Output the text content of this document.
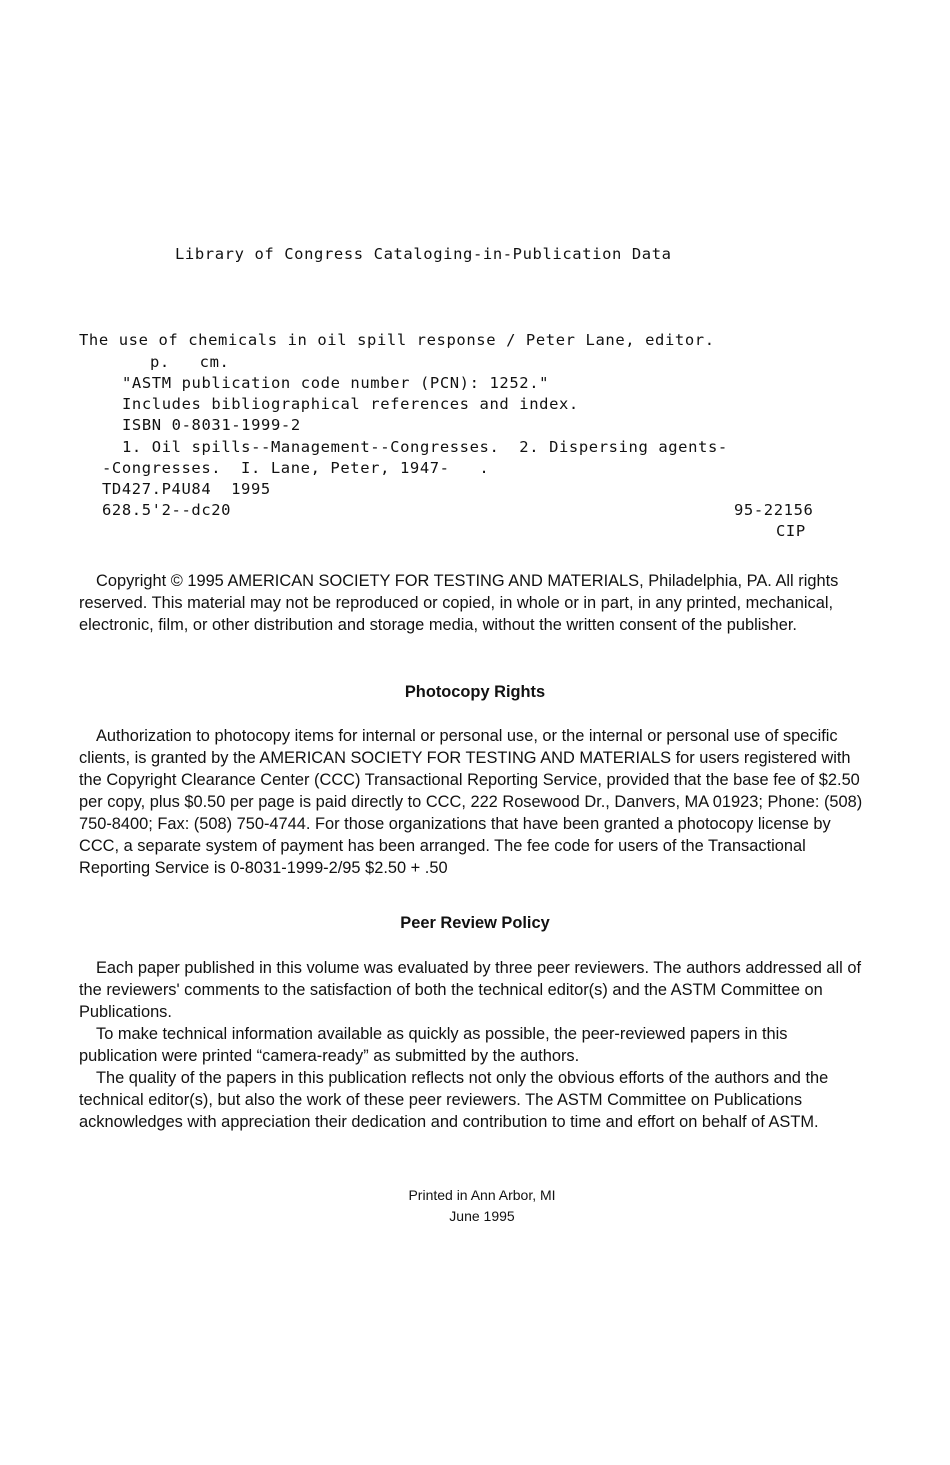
Library of Congress Cataloging-in-Publication Data
The use of chemicals in oil spill response / Peter Lane, editor.
p.   cm.
"ASTM publication code number (PCN): 1252."
Includes bibliographical references and index.
ISBN 0-8031-1999-2
1. Oil spills--Management--Congresses.  2. Dispersing agents-
-Congresses.  I. Lane, Peter, 1947-   .
TD427.P4U84  1995
628.5'2--dc20	95-22156
CIP

Copyright © 1995 AMERICAN SOCIETY FOR TESTING AND MATERIALS, Philadelphia, PA. All rights reserved. This material may not be reproduced or copied, in whole or in part, in any printed, mechanical, electronic, film, or other distribution and storage media, without the written consent of the publisher.

Photocopy Rights

Authorization to photocopy items for internal or personal use, or the internal or personal use of specific clients, is granted by the AMERICAN SOCIETY FOR TESTING AND MATERIALS for users registered with the Copyright Clearance Center (CCC) Transactional Reporting Service, provided that the base fee of $2.50 per copy, plus $0.50 per page is paid directly to CCC, 222 Rosewood Dr., Danvers, MA 01923; Phone: (508) 750-8400; Fax: (508) 750-4744. For those organizations that have been granted a photocopy license by CCC, a separate system of payment has been arranged. The fee code for users of the Transactional Reporting Service is 0-8031-1999-2/95 $2.50 + .50

Peer Review Policy

Each paper published in this volume was evaluated by three peer reviewers. The authors addressed all of the reviewers' comments to the satisfaction of both the technical editor(s) and the ASTM Committee on Publications.

To make technical information available as quickly as possible, the peer-reviewed papers in this publication were printed “camera-ready” as submitted by the authors.

The quality of the papers in this publication reflects not only the obvious efforts of the authors and the technical editor(s), but also the work of these peer reviewers. The ASTM Committee on Publications acknowledges with appreciation their dedication and contribution to time and effort on behalf of ASTM.

Printed in Ann Arbor, MI
June 1995
